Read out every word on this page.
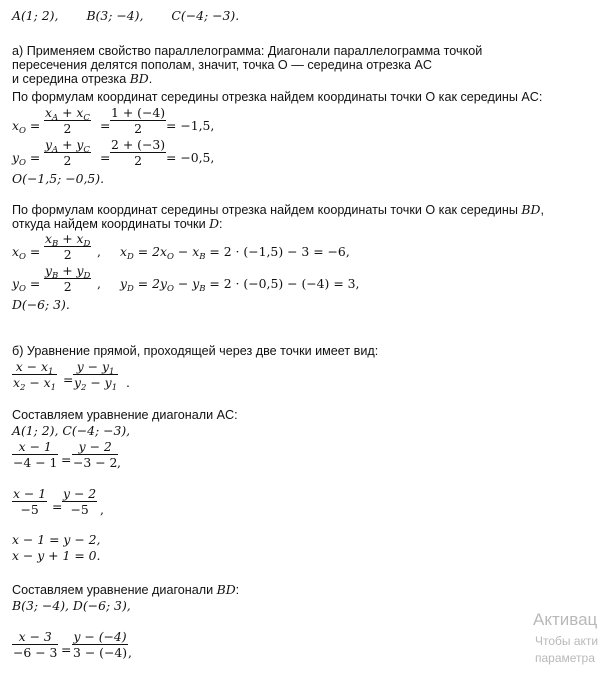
A(1; 2), B(3; −4), C(−4; −3).
а) Применяем свойство параллелограмма: Диагонали параллелограмма точкой
пересечения делятся пополам, значит, точка O — середина отрезка AC
и середина отрезка BD.
По формулам координат середины отрезка найдем координаты точки O как середины AC:
$x_O$ =
$x_A + x_C$
2 =
1 + (−4)
2 = −1,5,
$y_O$ =
$y_A + y_C$
2 =
2 + (−3)
2 = −0,5,
O(−1,5; −0,5).
По формулам координат середины отрезка найдем координаты точки O как середины BD,
откуда найдем координаты точки D:
$x_O$ =
$x_B + x_D$
2 , $x_D = 2x_O - x_B = 2 \cdot (-1,5) - 3 = -6$,
$y_O$ =
$y_B + y_D$
2 , $y_D = 2y_O - y_B = 2 \cdot (-0,5) - (-4) = 3$,
D(−6; 3).
б) Уравнение прямой, проходящей через две точки имеет вид:
$x - x_1$
$x_2 - x_1$
=
$y - y_1$
$y_2 - y_1$ .
Составляем уравнение диагонали AC:
A(1; 2), C(−4; −3),
x − 1
−4 − 1 =
y − 2
−3 − 2 ,
x − 1
−5 =
y − 2
−5 ,
x − 1 = y − 2,
x − y + 1 = 0.
Составляем уравнение диагонали BD:
B(3; −4), D(−6; 3),
x − 3
−6 − 3 =
y − (−4)
3 − (−4) ,
Активац
Чтобы акти
параметра
